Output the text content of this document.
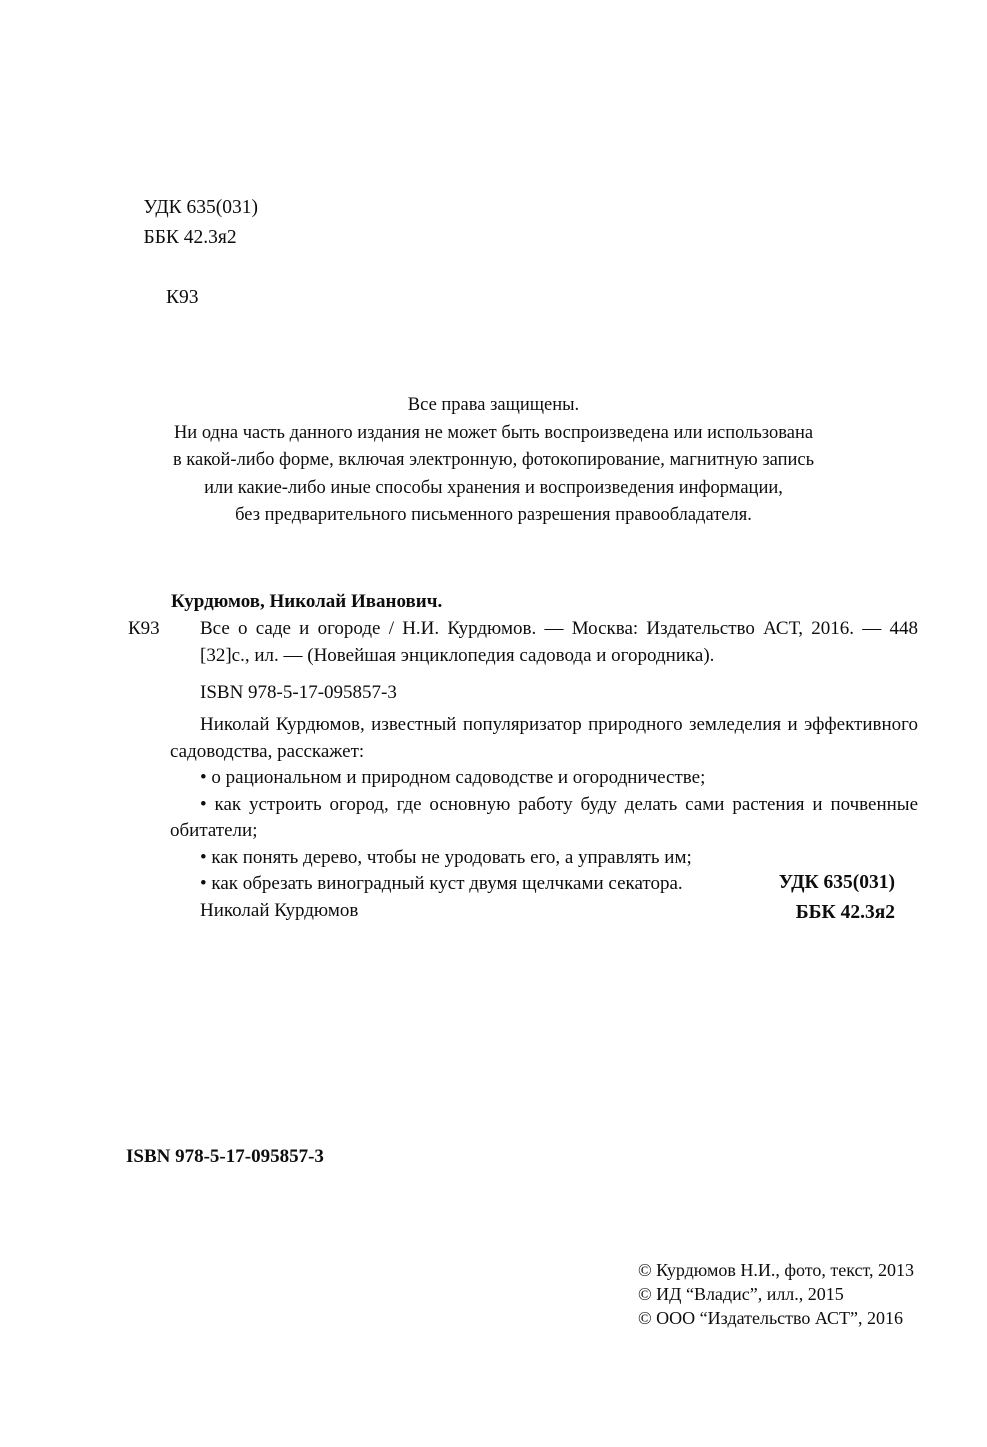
УДК 635(031)
ББК 42.3я2

К93

Все права защищены.
Ни одна часть данного издания не может быть воспроизведена или использована
в какой-либо форме, включая электронную, фотокопирование, магнитную запись
или какие-либо иные способы хранения и воспроизведения информации,
без предварительного письменного разрешения правообладателя.
Курдюмов, Николай Иванович.
К93 Все о саде и огороде / Н.И. Курдюмов. — Москва: Издательство АСТ, 2016. — 448 [32]с., ил. — (Новейшая энциклопедия садовода и огородника).
ISBN 978-5-17-095857-3
Николай Курдюмов, известный популяризатор природного земледелия и эффективного садоводства, расскажет:
• о рациональном и природном садоводстве и огородничестве;
• как устроить огород, где основную работу буду делать сами растения и почвенные обитатели;
• как понять дерево, чтобы не уродовать его, а управлять им;
• как обрезать виноградный куст двумя щелчками секатора.
Николай Курдюмов
УДК 635(031)
ББК 42.3я2
ISBN 978-5-17-095857-3
© Курдюмов Н.И., фото, текст, 2013
© ИД “Владис”, илл., 2015
© ООО “Издательство АСТ”, 2016
